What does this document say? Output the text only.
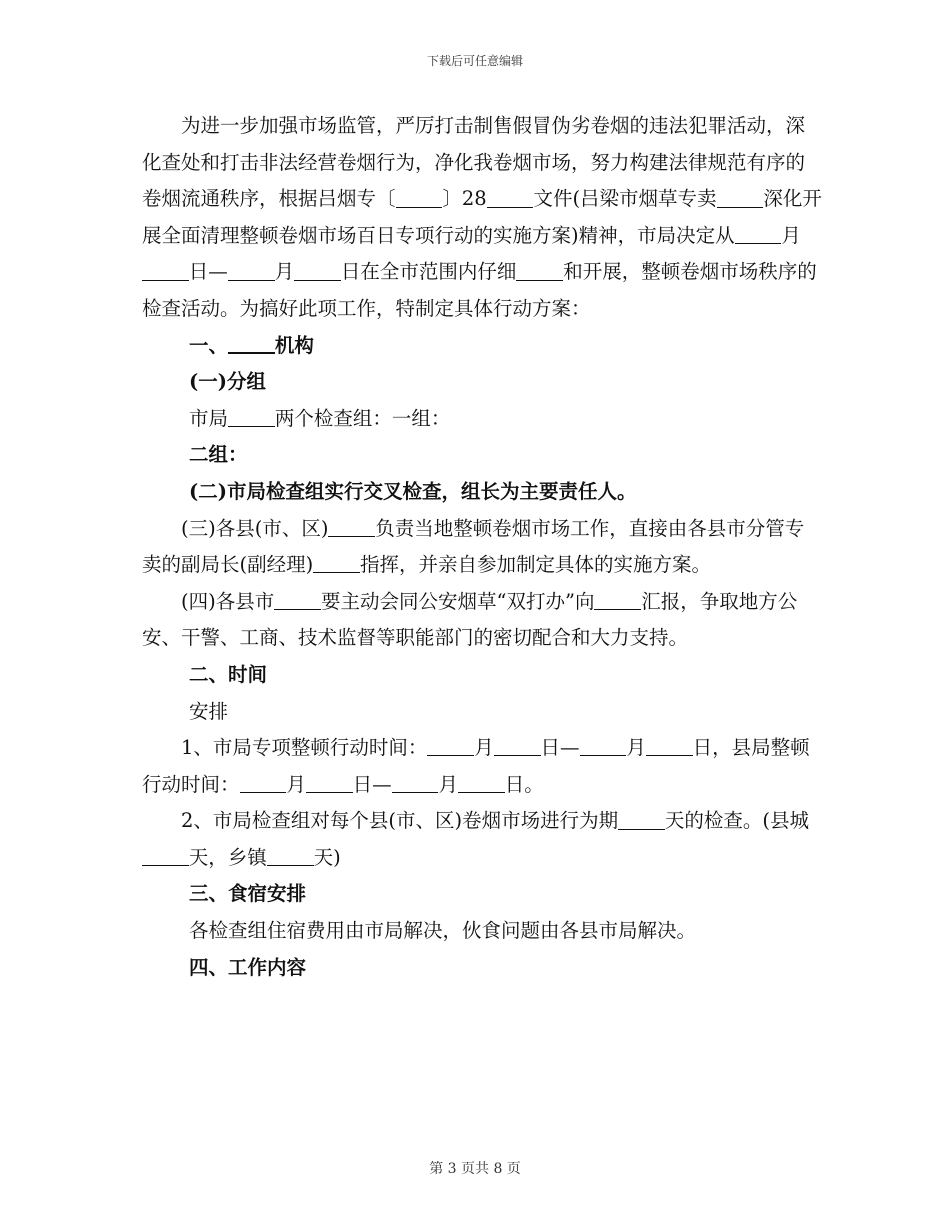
下载后可任意编辑

为进一步加强市场监管，严厉打击制售假冒伪劣卷烟的违法犯罪活动，深化查处和打击非法经营卷烟行为，净化我卷烟市场，努力构建法律规范有序的卷烟流通秩序，根据吕烟专〔 〕28 文件(吕梁市烟草专卖 深化开展全面清理整顿卷烟市场百日专项行动的实施方案)精神，市局决定从 月日— 月 日在全市范围内仔细 和开展，整顿卷烟市场秩序的检查活动。为搞好此项工作，特制定具体行动方案：

一、 机构

(一)分组

市局 两个检查组：一组：

二组：

(二)市局检查组实行交叉检查，组长为主要责任人。

(三)各县(市、区) 负责当地整顿卷烟市场工作，直接由各县市分管专卖的副局长(副经理) 指挥，并亲自参加制定具体的实施方案。

(四)各县市 要主动会同公安烟草“双打办”向 汇报，争取地方公安、干警、工商、技术监督等职能部门的密切配合和大力支持。

二、时间

安排

1、市局专项整顿行动时间： 月 日— 月 日，县局整顿行动时间： 月 日— 月 日。

2、市局检查组对每个县(市、区)卷烟市场进行为期 天的检查。(县城天，乡镇 天)

三、食宿安排

各检查组住宿费用由市局解决，伙食问题由各县市局解决。

四、工作内容

第 3 页共 8 页
